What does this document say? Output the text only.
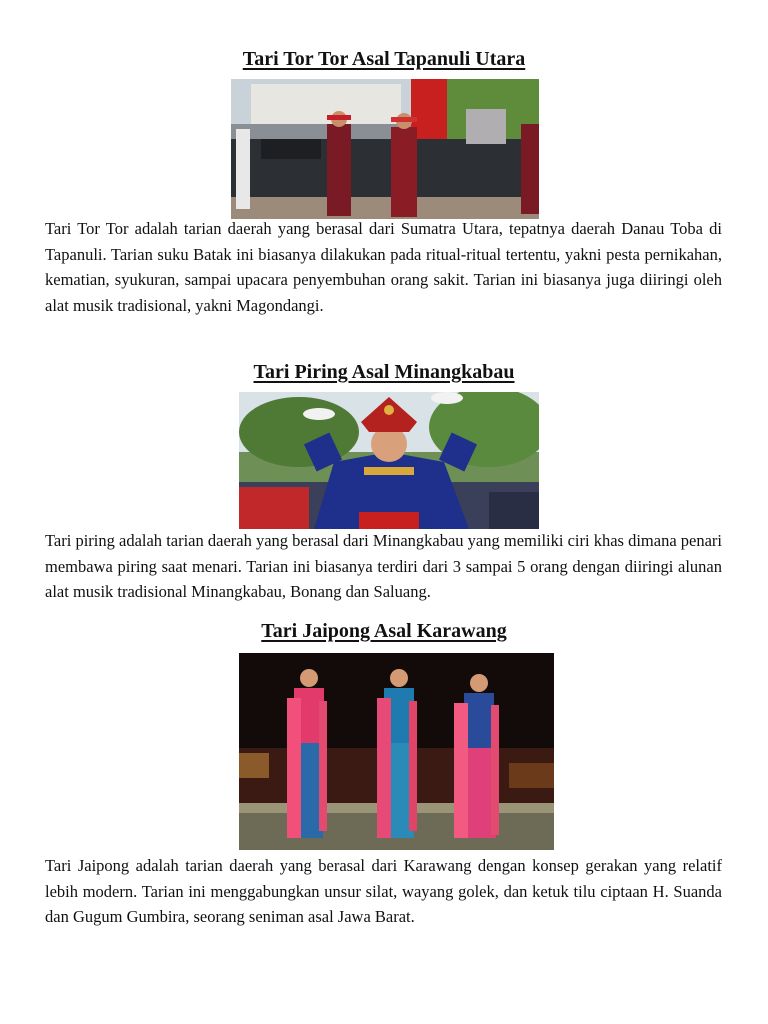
Tari Tor Tor Asal Tapanuli Utara

Tari Tor Tor adalah tarian daerah yang berasal dari Sumatra Utara, tepatnya daerah Danau Toba di Tapanuli. Tarian suku Batak ini biasanya dilakukan pada ritual-ritual tertentu, yakni pesta pernikahan, kematian, syukuran, sampai upacara penyembuhan orang sakit. Tarian ini biasanya juga diiringi oleh alat musik tradisional, yakni Magondangi.

Tari Piring Asal Minangkabau

Tari piring adalah tarian daerah yang berasal dari Minangkabau yang memiliki ciri khas dimana penari membawa piring saat menari. Tarian ini biasanya terdiri dari 3 sampai 5 orang dengan diiringi alunan alat musik tradisional Minangkabau, Bonang dan Saluang.

Tari Jaipong Asal Karawang

Tari Jaipong adalah tarian daerah yang berasal dari Karawang dengan konsep gerakan yang relatif lebih modern. Tarian ini menggabungkan unsur silat, wayang golek, dan ketuk tilu ciptaan H. Suanda dan Gugum Gumbira, seorang seniman asal Jawa Barat.
